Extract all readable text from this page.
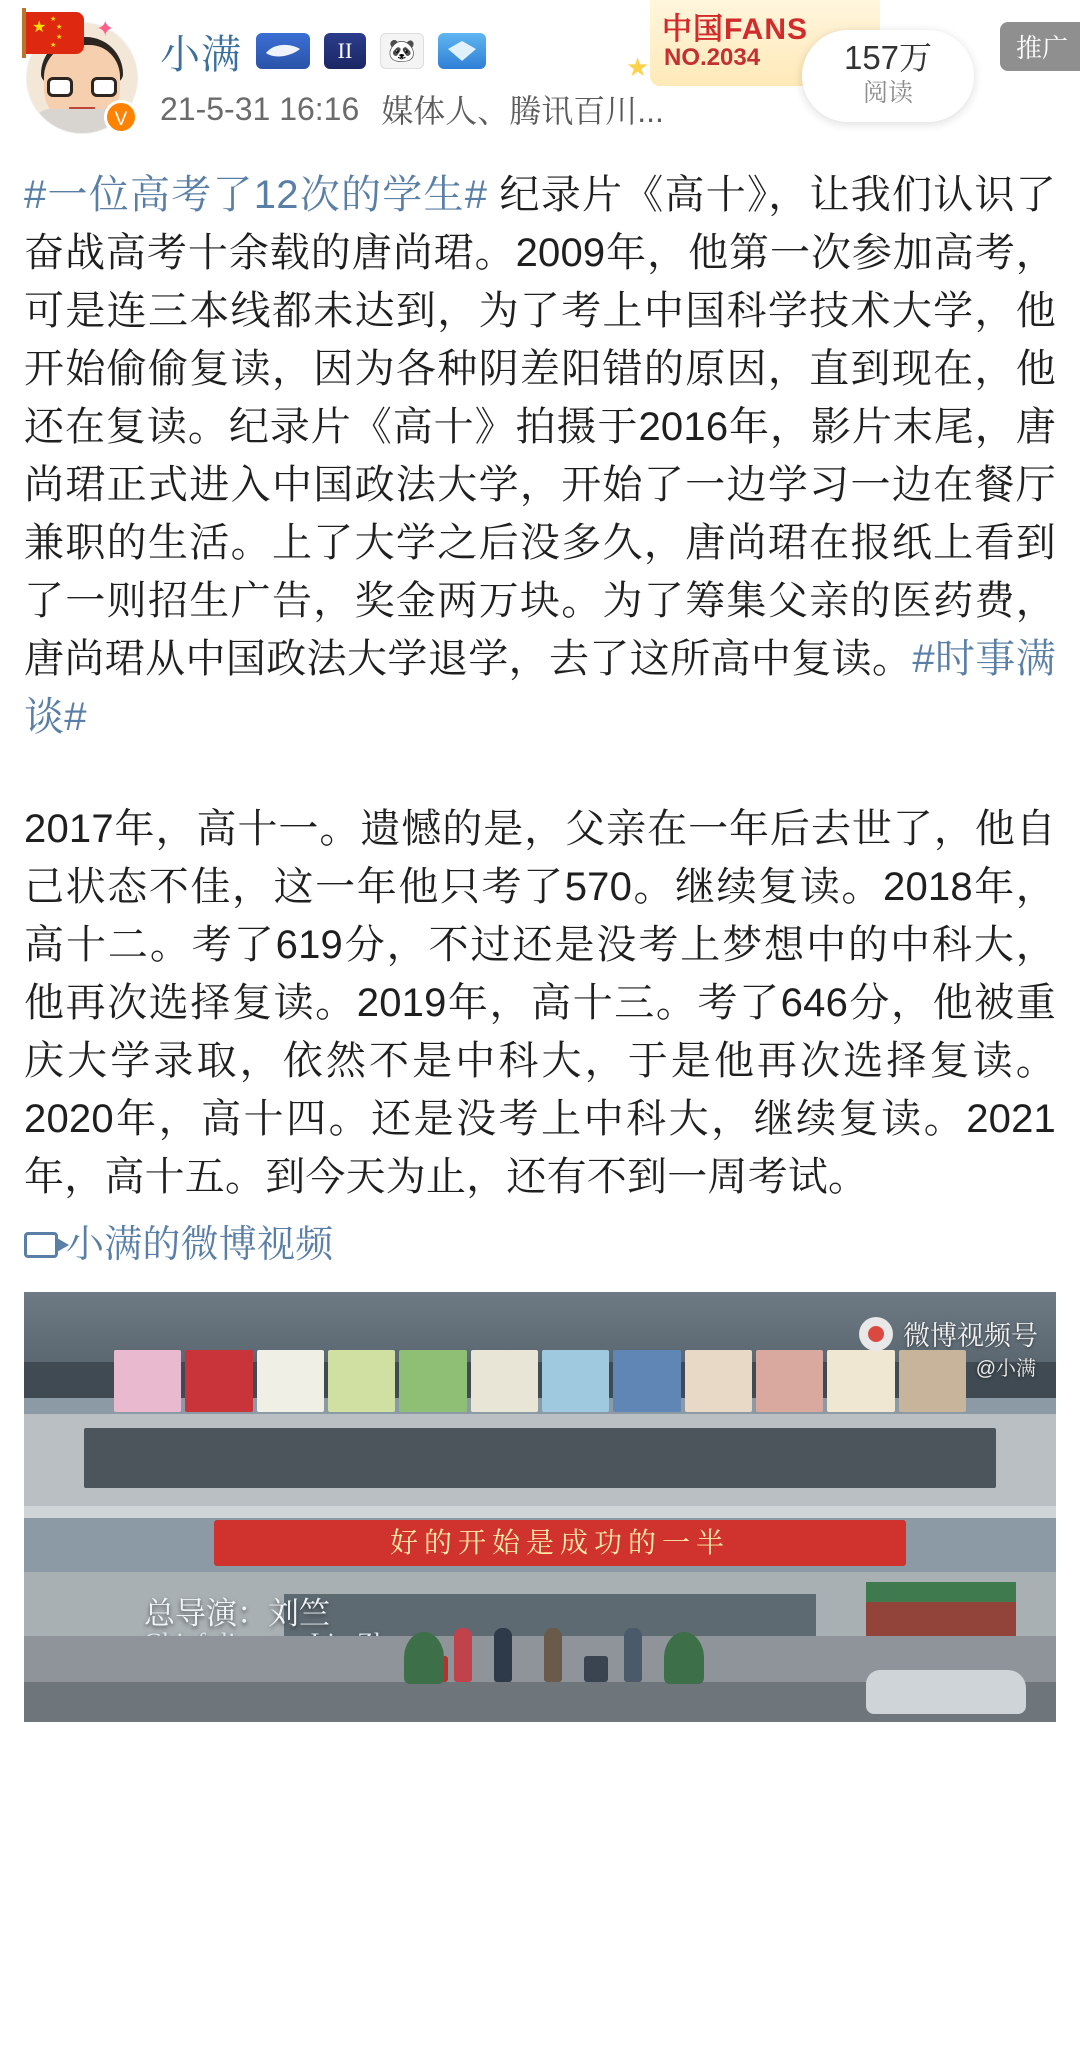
V
★ ★
★
★
★
✦
小满	II	🐼
21-5-31 16:16 媒体人、腾讯百川...
中国FANS
NO.2034
★	157万
阅读
推广

#一位高考了12次的学生# 纪录片《高十》，让我们认识了奋战高考十余载的唐尚珺。2009年，他第一次参加高考，可是连三本线都未达到，为了考上中国科学技术大学，他开始偷偷复读，因为各种阴差阳错的原因，直到现在，他还在复读。纪录片《高十》拍摄于2016年，影片末尾，唐尚珺正式进入中国政法大学，开始了一边学习一边在餐厅兼职的生活。上了大学之后没多久，唐尚珺在报纸上看到了一则招生广告，奖金两万块。为了筹集父亲的医药费，唐尚珺从中国政法大学退学，去了这所高中复读。#时事满谈#

2017年，高十一。遗憾的是，父亲在一年后去世了，他自己状态不佳，这一年他只考了570。继续复读。2018年，高十二。考了619分，不过还是没考上梦想中的中科大，他再次选择复读。2019年，高十三。考了646分，他被重庆大学录取，依然不是中科大，于是他再次选择复读。2020年，高十四。还是没考上中科大，继续复读。2021年，高十五。到今天为止，还有不到一周考试。

小满的微博视频
好的开始是成功的一半
总导演：刘竺
微博视频号
@小满
